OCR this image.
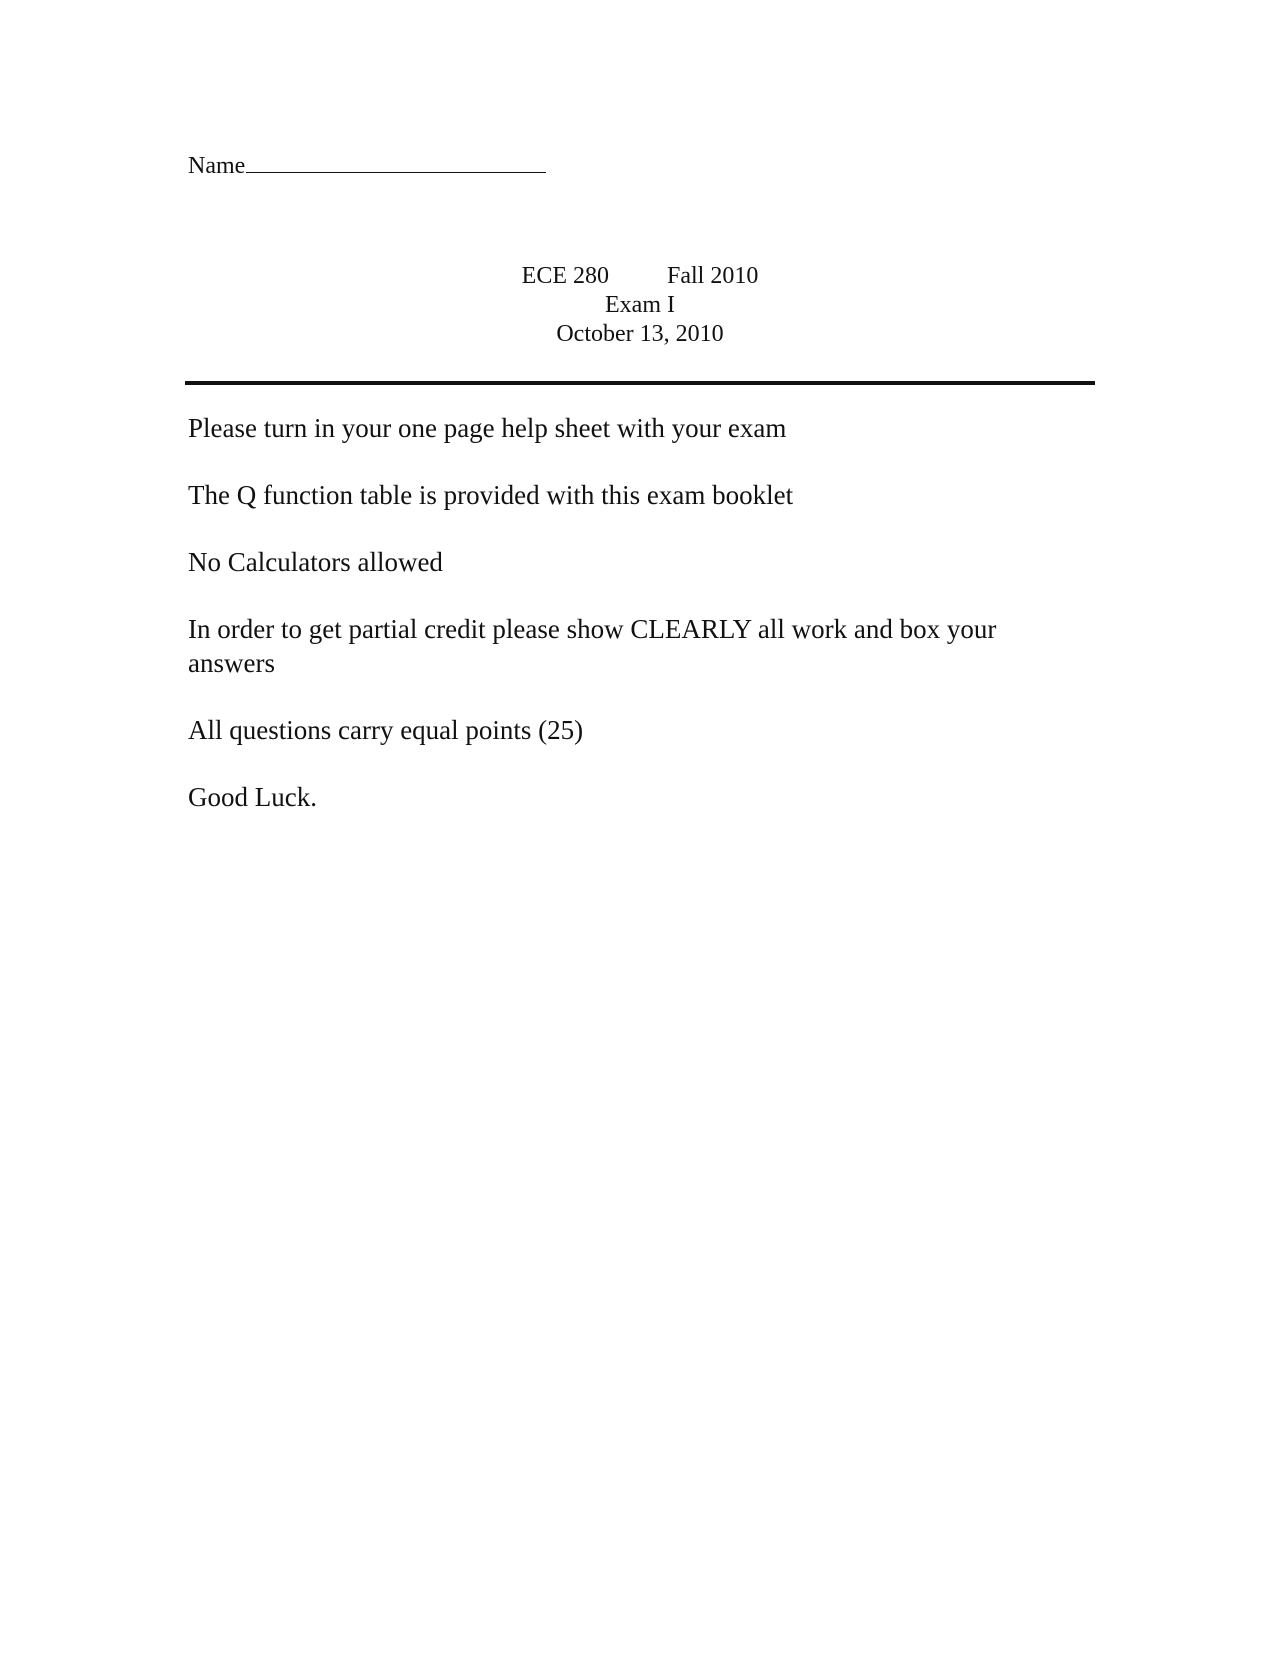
Name
ECE 280 Fall 2010
Exam I
October 13, 2010
Please turn in your one page help sheet with your exam
The Q function table is provided with this exam booklet
No Calculators allowed
In order to get partial credit please show CLEARLY all work and box your answers
All questions carry equal points (25)
Good Luck.
